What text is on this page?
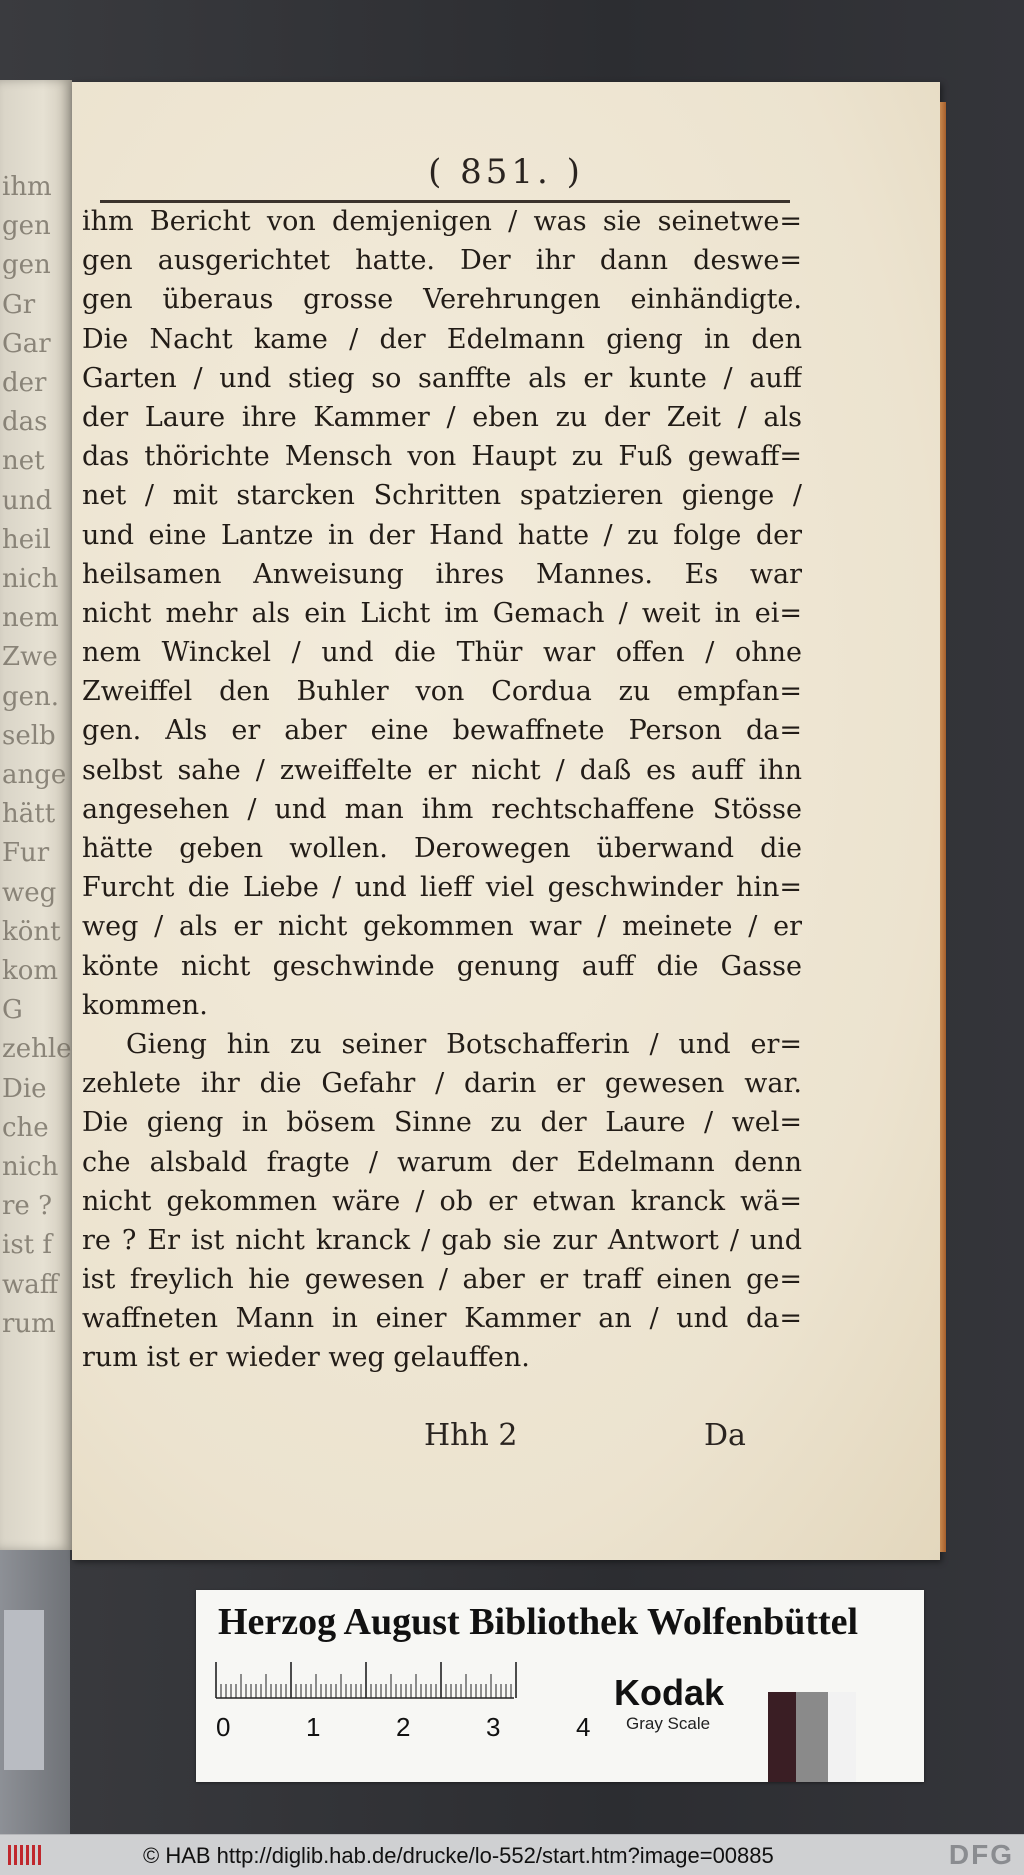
ihm
gen
gen
Gr
Gar
der
das
net
und
heil
nich
nem
Zwe
gen.
selb
ange
hätt
Fur
weg
könt
kom
G
zehle
Die
che
nich
re ?
ist f
waff
rum
( 851. )
ihm Bericht von demjenigen / was sie seinetwe=
gen ausgerichtet hatte. Der ihr dann deswe=
gen überaus grosse Verehrungen einhändigte.
Die Nacht kame / der Edelmann gieng in den
Garten / und stieg so sanffte als er kunte / auff
der Laure ihre Kammer / eben zu der Zeit / als
das thörichte Mensch von Haupt zu Fuß gewaff=
net / mit starcken Schritten spatzieren gienge /
und eine Lantze in der Hand hatte / zu folge der
heilsamen Anweisung ihres Mannes. Es war
nicht mehr als ein Licht im Gemach / weit in ei=
nem Winckel / und die Thür war offen / ohne
Zweiffel den Buhler von Cordua zu empfan=
gen. Als er aber eine bewaffnete Person da=
selbst sahe / zweiffelte er nicht / daß es auff ihn
angesehen / und man ihm rechtschaffene Stösse
hätte geben wollen. Derowegen überwand die
Furcht die Liebe / und lieff viel geschwinder hin=
weg / als er nicht gekommen war / meinete / er
könte nicht geschwinde genung auff die Gasse
kommen.
Gieng hin zu seiner Botschafferin / und er=
zehlete ihr die Gefahr / darin er gewesen war.
Die gieng in bösem Sinne zu der Laure / wel=
che alsbald fragte / warum der Edelmann denn
nicht gekommen wäre / ob er etwan kranck wä=
re ? Er ist nicht kranck / gab sie zur Antwort / und
ist freylich hie gewesen / aber er traff einen ge=
waffneten Mann in einer Kammer an / und da=
rum ist er wieder weg gelauffen.
Hhh 2	Da
Herzog August Bibliothek Wolfenbüttel
0	1	2	3	4
Kodak
Gray Scale
© HAB http://diglib.hab.de/drucke/lo-552/start.htm?image=00885	DFG
